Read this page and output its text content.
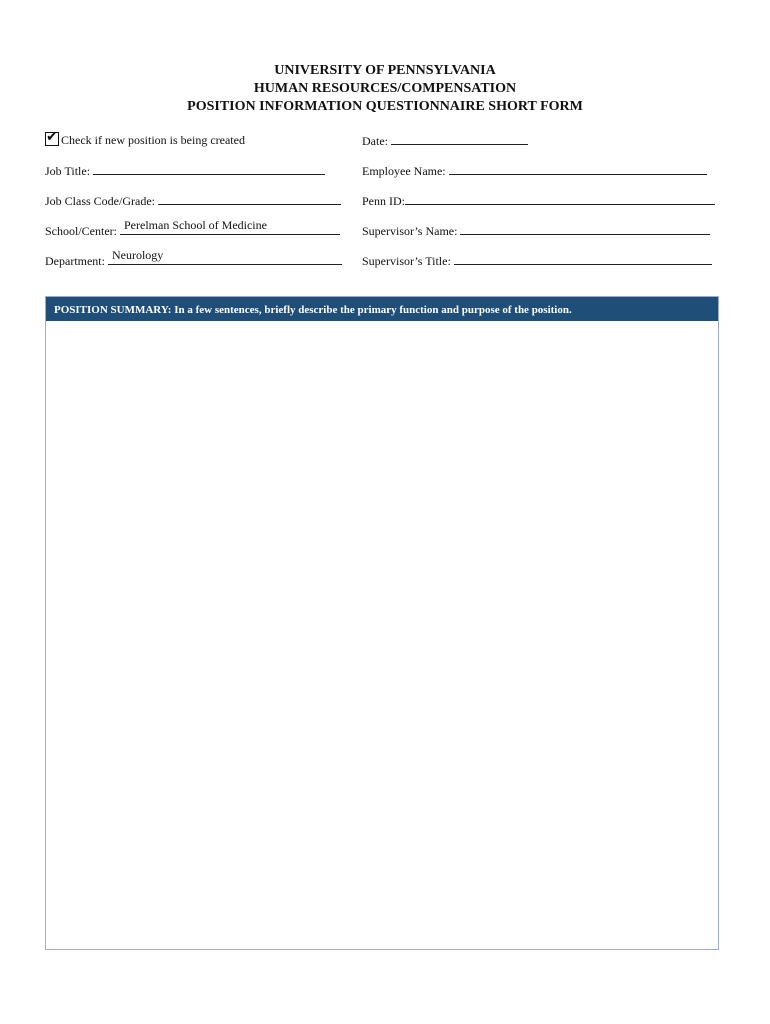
UNIVERSITY OF PENNSYLVANIA
HUMAN RESOURCES/COMPENSATION
POSITION INFORMATION QUESTIONNAIRE SHORT FORM
✔ Check if new position is being created	Date:
Job Title:	Employee Name:
Job Class Code/Grade:	Penn ID:
School/Center: Perelman School of Medicine	Supervisor’s Name:
Department: Neurology	Supervisor’s Title:
POSITION SUMMARY: In a few sentences, briefly describe the primary function and purpose of the position.
